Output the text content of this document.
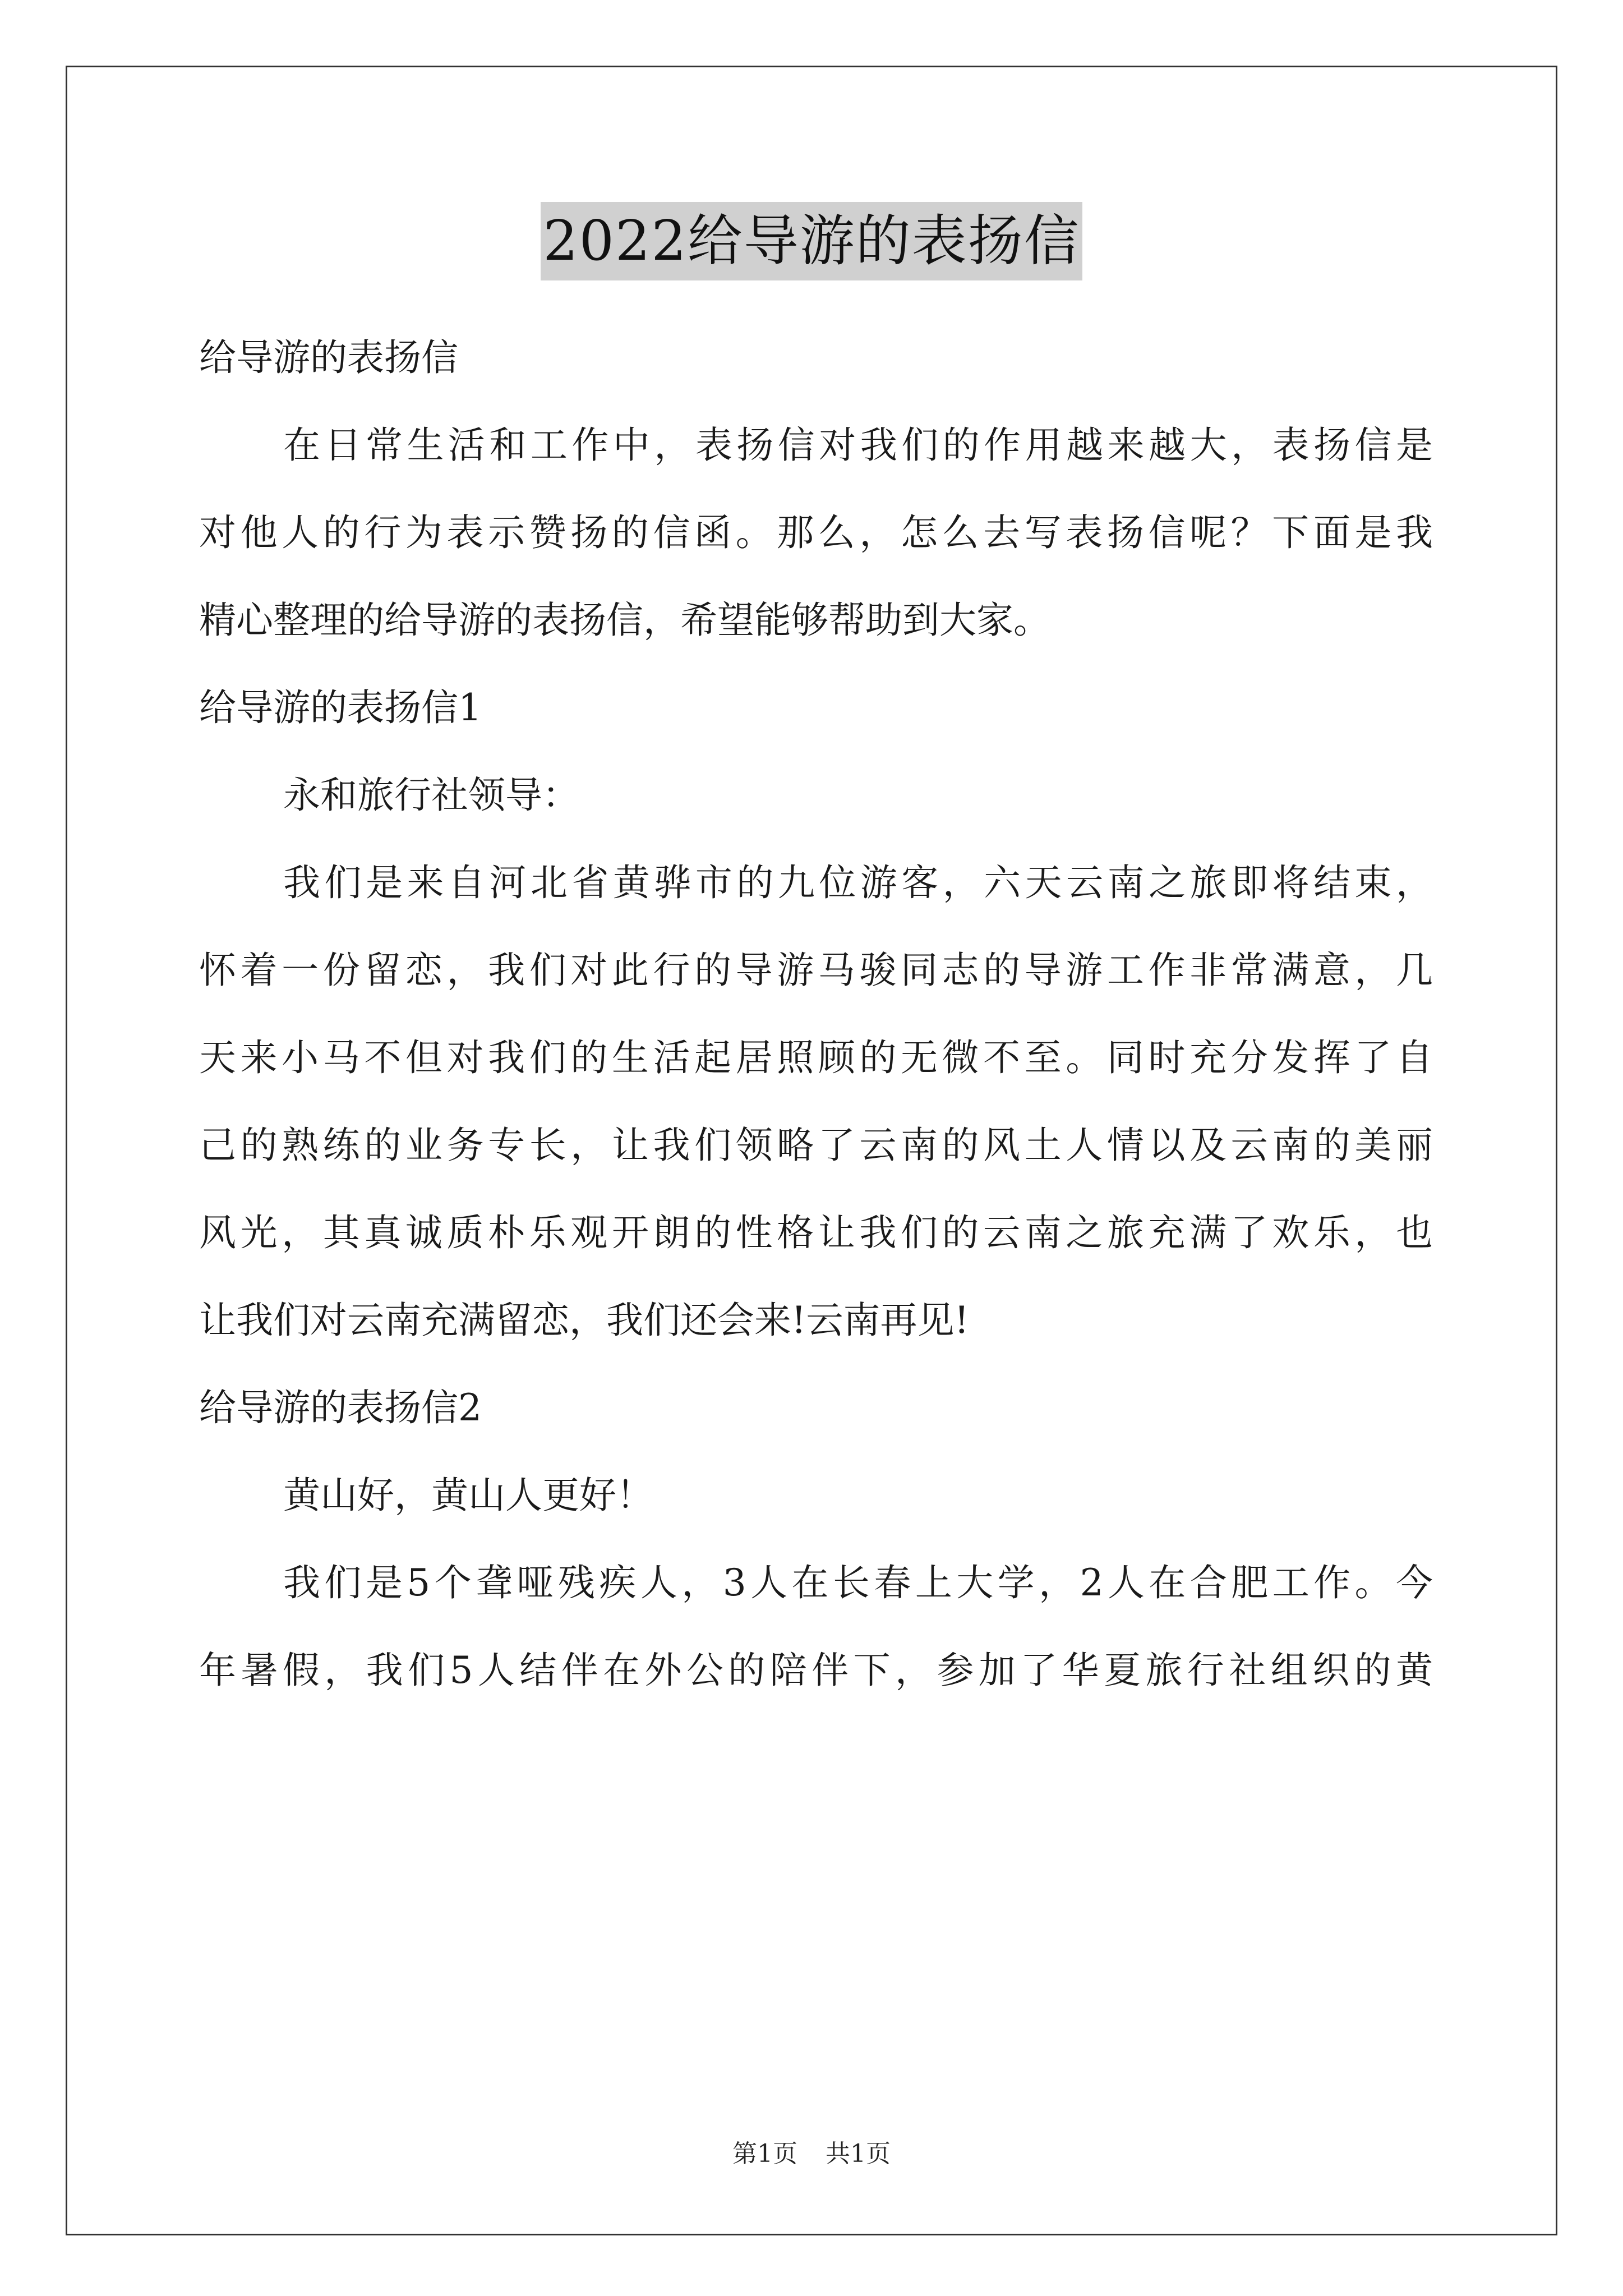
2022给导游的表扬信

给导游的表扬信

在日常生活和工作中，表扬信对我们的作用越来越大，表扬信是

对他人的行为表示赞扬的信函。那么，怎么去写表扬信呢？下面是我

精心整理的给导游的表扬信，希望能够帮助到大家。

给导游的表扬信1

永和旅行社领导：

我们是来自河北省黄骅市的九位游客，六天云南之旅即将结束，

怀着一份留恋，我们对此行的导游马骏同志的导游工作非常满意，几

天来小马不但对我们的生活起居照顾的无微不至。同时充分发挥了自

己的熟练的业务专长，让我们领略了云南的风土人情以及云南的美丽

风光，其真诚质朴乐观开朗的性格让我们的云南之旅充满了欢乐，也

让我们对云南充满留恋，我们还会来!云南再见!

给导游的表扬信2

黄山好，黄山人更好！

我们是5个聋哑残疾人，3人在长春上大学，2人在合肥工作。今

年暑假，我们5人结伴在外公的陪伴下，参加了华夏旅行社组织的黄

第1页 共1页
